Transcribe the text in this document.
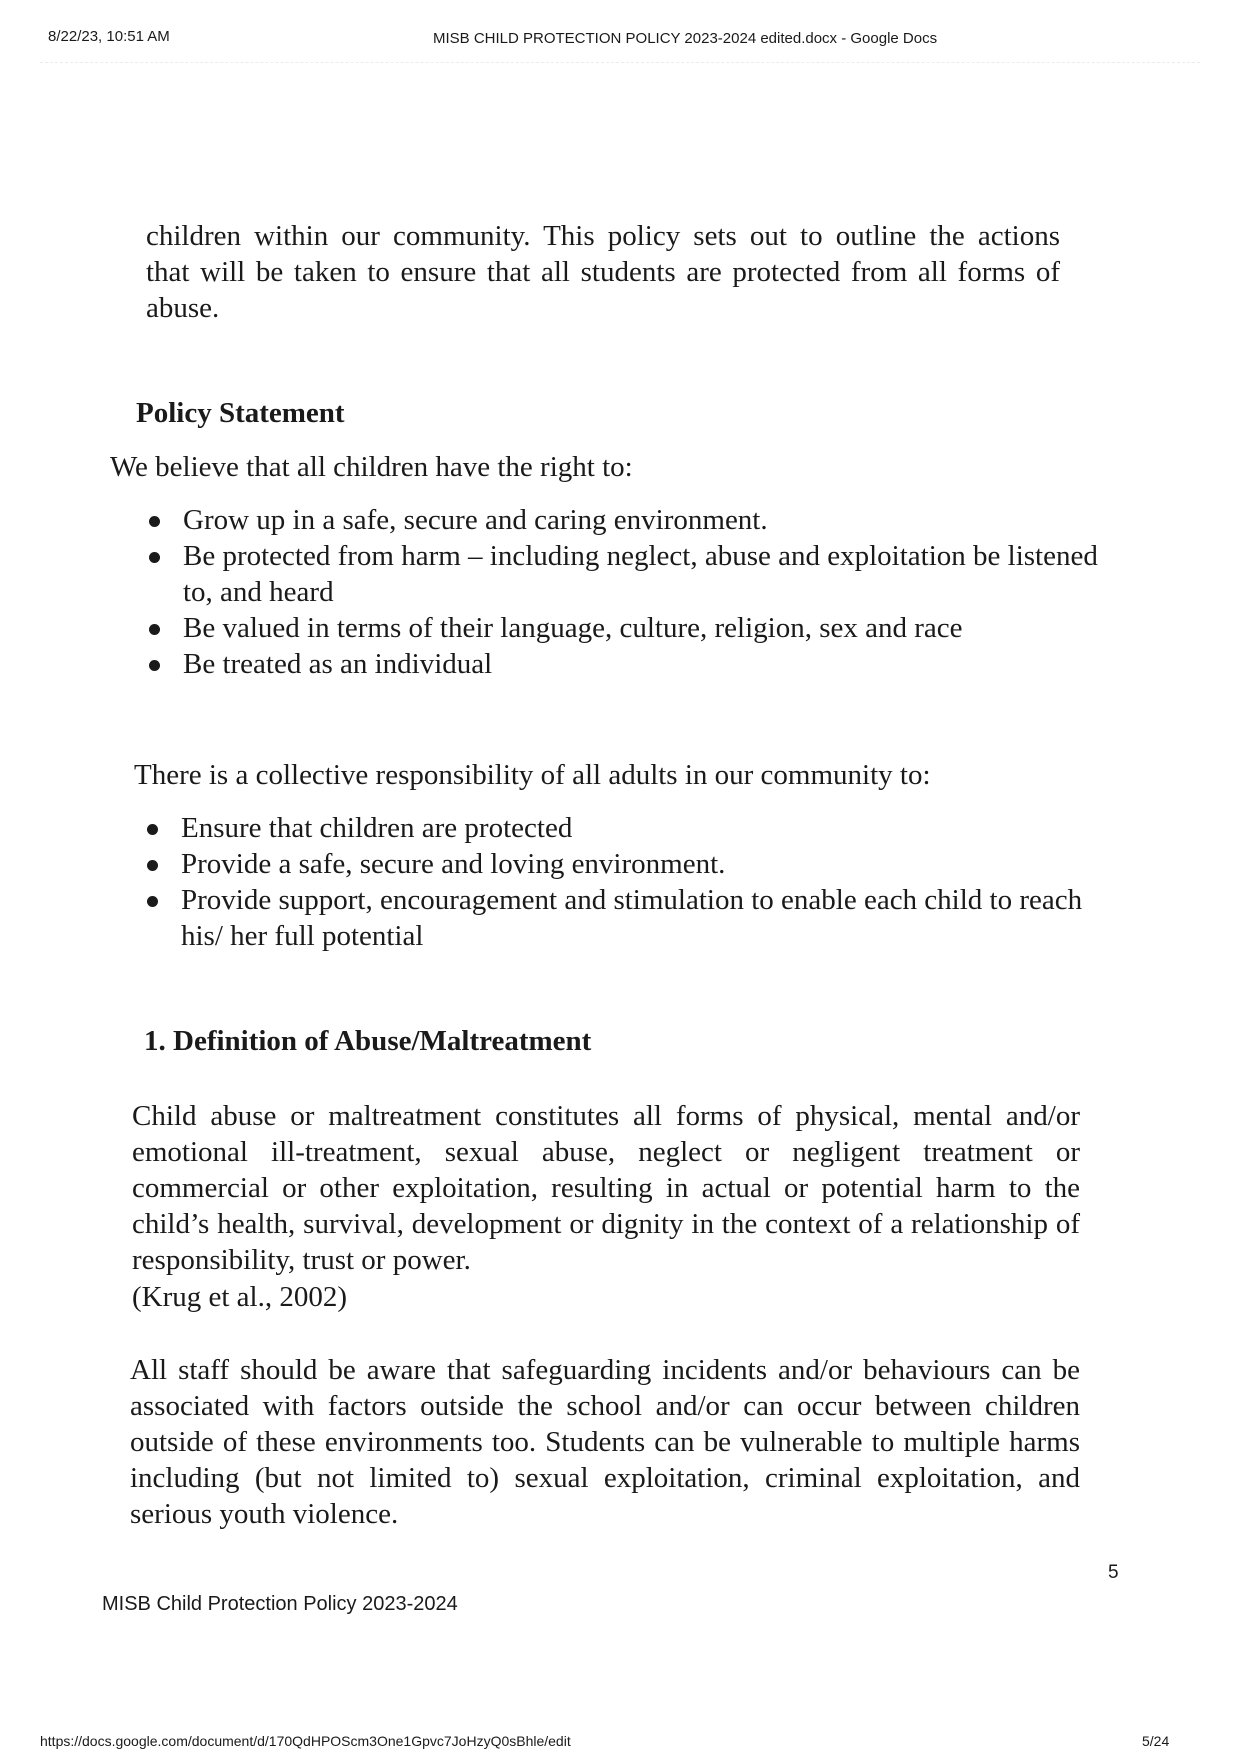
8/22/23, 10:51 AM	MISB CHILD PROTECTION POLICY 2023-2024 edited.docx - Google Docs
children within our community. This policy sets out to outline the actions that will be taken to ensure that all students are protected from all forms of abuse.
Policy Statement
We believe that all children have the right to:
Grow up in a safe, secure and caring environment.
Be protected from harm – including neglect, abuse and exploitation be listened to, and heard
Be valued in terms of their language, culture, religion, sex and race
Be treated as an individual
There is a collective responsibility of all adults in our community to:
Ensure that children are protected
Provide a safe, secure and loving environment.
Provide support, encouragement and stimulation to enable each child to reach his/ her full potential
1. Definition of Abuse/Maltreatment
Child abuse or maltreatment constitutes all forms of physical, mental and/or emotional ill-treatment, sexual abuse, neglect or negligent treatment or commercial or other exploitation, resulting in actual or potential harm to the child’s health, survival, development or dignity in the context of a relationship of responsibility, trust or power.
(Krug et al., 2002)
All staff should be aware that safeguarding incidents and/or behaviours can be associated with factors outside the school and/or can occur between children outside of these environments too. Students can be vulnerable to multiple harms including (but not limited to) sexual exploitation, criminal exploitation, and serious youth violence.
5
MISB Child Protection Policy 2023-2024
https://docs.google.com/document/d/170QdHPOScm3One1Gpvc7JoHzyQ0sBhle/edit	5/24
